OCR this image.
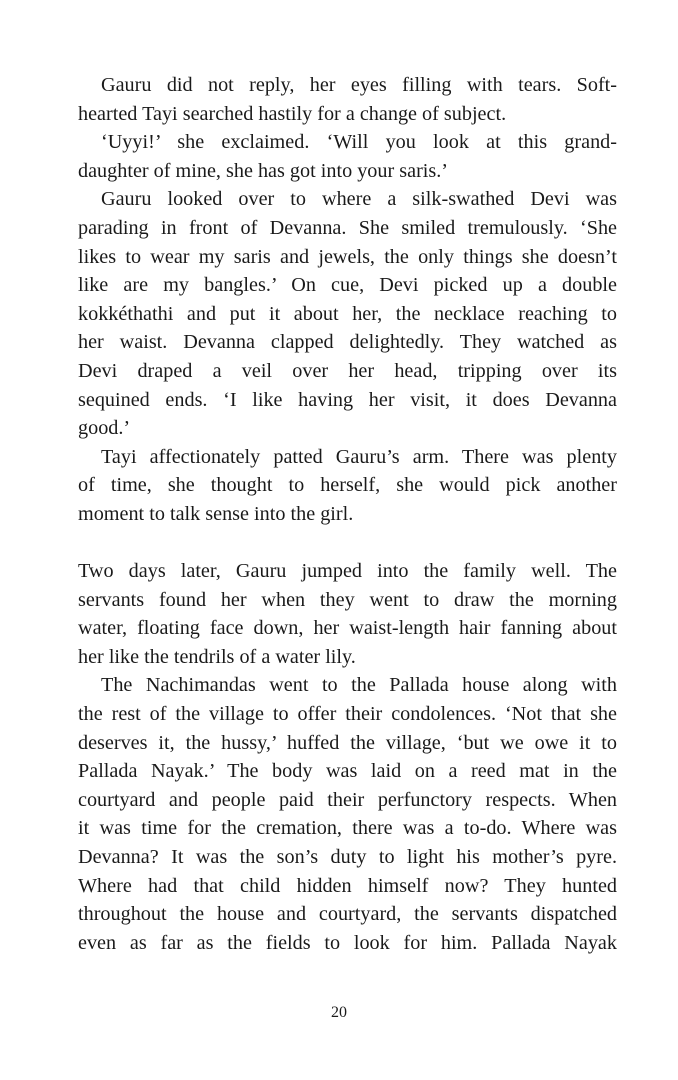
Gauru did not reply, her eyes filling with tears. Soft-
hearted Tayi searched hastily for a change of subject.
‘Uyyi!’ she exclaimed. ‘Will you look at this grand-
daughter of mine, she has got into your saris.’
Gauru looked over to where a silk-swathed Devi was
parading in front of Devanna. She smiled tremulously. ‘She
likes to wear my saris and jewels, the only things she doesn’t
like are my bangles.’ On cue, Devi picked up a double
kokkéthathi and put it about her, the necklace reaching to
her waist. Devanna clapped delightedly. They watched as
Devi draped a veil over her head, tripping over its
sequined ends. ‘I like having her visit, it does Devanna
good.’
Tayi affectionately patted Gauru’s arm. There was plenty
of time, she thought to herself, she would pick another
moment to talk sense into the girl.
Two days later, Gauru jumped into the family well. The
servants found her when they went to draw the morning
water, floating face down, her waist-length hair fanning about
her like the tendrils of a water lily.
The Nachimandas went to the Pallada house along with
the rest of the village to offer their condolences. ‘Not that she
deserves it, the hussy,’ huffed the village, ‘but we owe it to
Pallada Nayak.’ The body was laid on a reed mat in the
courtyard and people paid their perfunctory respects. When
it was time for the cremation, there was a to-do. Where was
Devanna? It was the son’s duty to light his mother’s pyre.
Where had that child hidden himself now? They hunted
throughout the house and courtyard, the servants dispatched
even as far as the fields to look for him. Pallada Nayak
20
